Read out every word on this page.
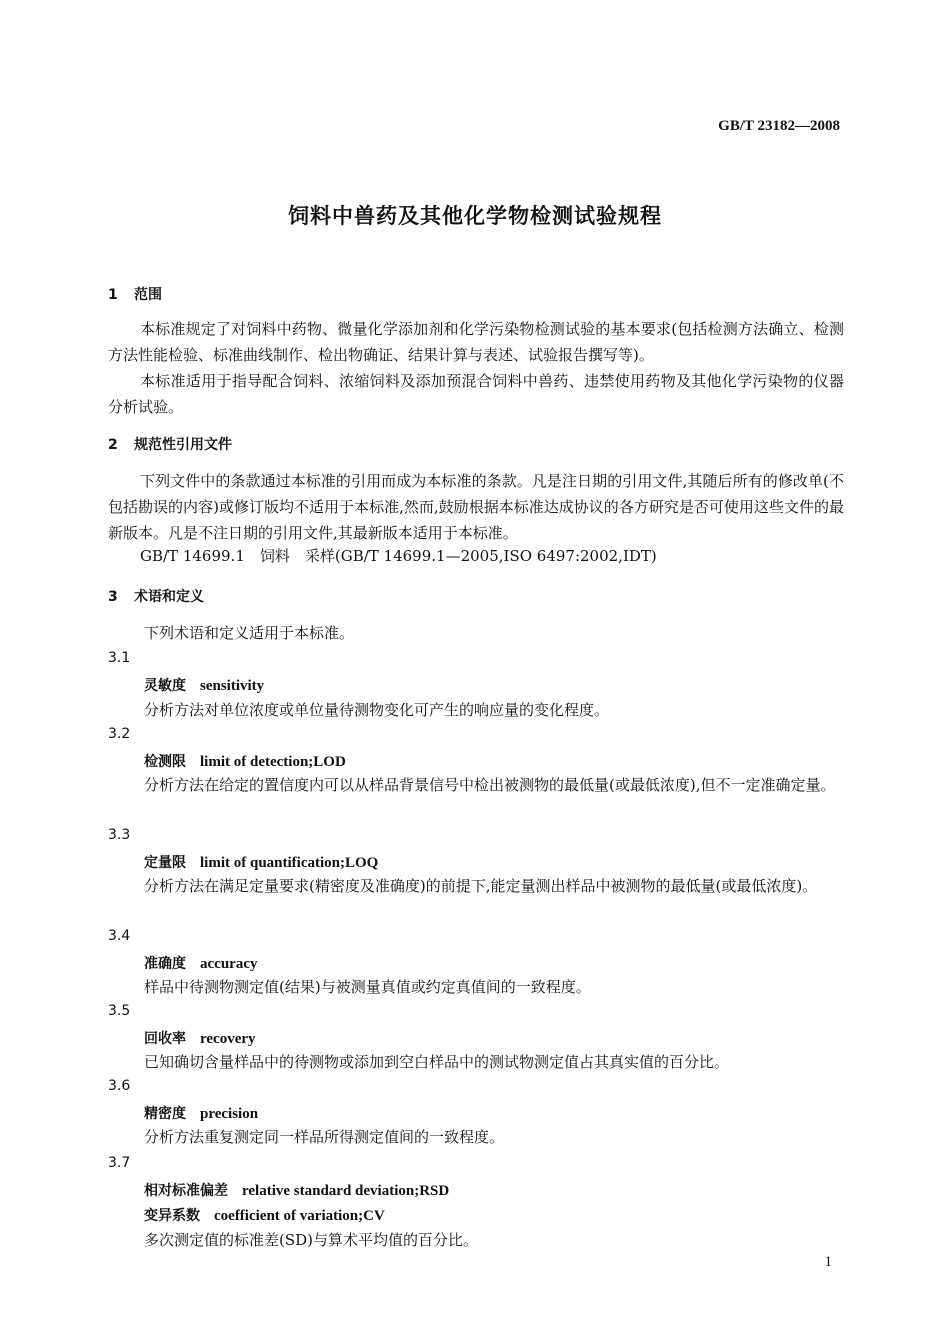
GB/T 23182—2008
饲料中兽药及其他化学物检测试验规程
1 范围
本标准规定了对饲料中药物、微量化学添加剂和化学污染物检测试验的基本要求(包括检测方法确立、检测方法性能检验、标准曲线制作、检出物确证、结果计算与表述、试验报告撰写等)。
本标准适用于指导配合饲料、浓缩饲料及添加预混合饲料中兽药、违禁使用药物及其他化学污染物的仪器分析试验。
2 规范性引用文件
下列文件中的条款通过本标准的引用而成为本标准的条款。凡是注日期的引用文件,其随后所有的修改单(不包括勘误的内容)或修订版均不适用于本标准,然而,鼓励根据本标准达成协议的各方研究是否可使用这些文件的最新版本。凡是不注日期的引用文件,其最新版本适用于本标准。
GB/T 14699.1　饲料　采样(GB/T 14699.1—2005,ISO 6497:2002,IDT)
3 术语和定义
下列术语和定义适用于本标准。
3.1
灵敏度 sensitivity
分析方法对单位浓度或单位量待测物变化可产生的响应量的变化程度。
3.2
检测限 limit of detection;LOD
分析方法在给定的置信度内可以从样品背景信号中检出被测物的最低量(或最低浓度),但不一定准确定量。
3.3
定量限 limit of quantification;LOQ
分析方法在满足定量要求(精密度及准确度)的前提下,能定量测出样品中被测物的最低量(或最低浓度)。
3.4
准确度 accuracy
样品中待测物测定值(结果)与被测量真值或约定真值间的一致程度。
3.5
回收率 recovery
已知确切含量样品中的待测物或添加到空白样品中的测试物测定值占其真实值的百分比。
3.6
精密度 precision
分析方法重复测定同一样品所得测定值间的一致程度。
3.7
相对标准偏差 relative standard deviation;RSD
变异系数 coefficient of variation;CV
多次测定值的标准差(SD)与算术平均值的百分比。
1
